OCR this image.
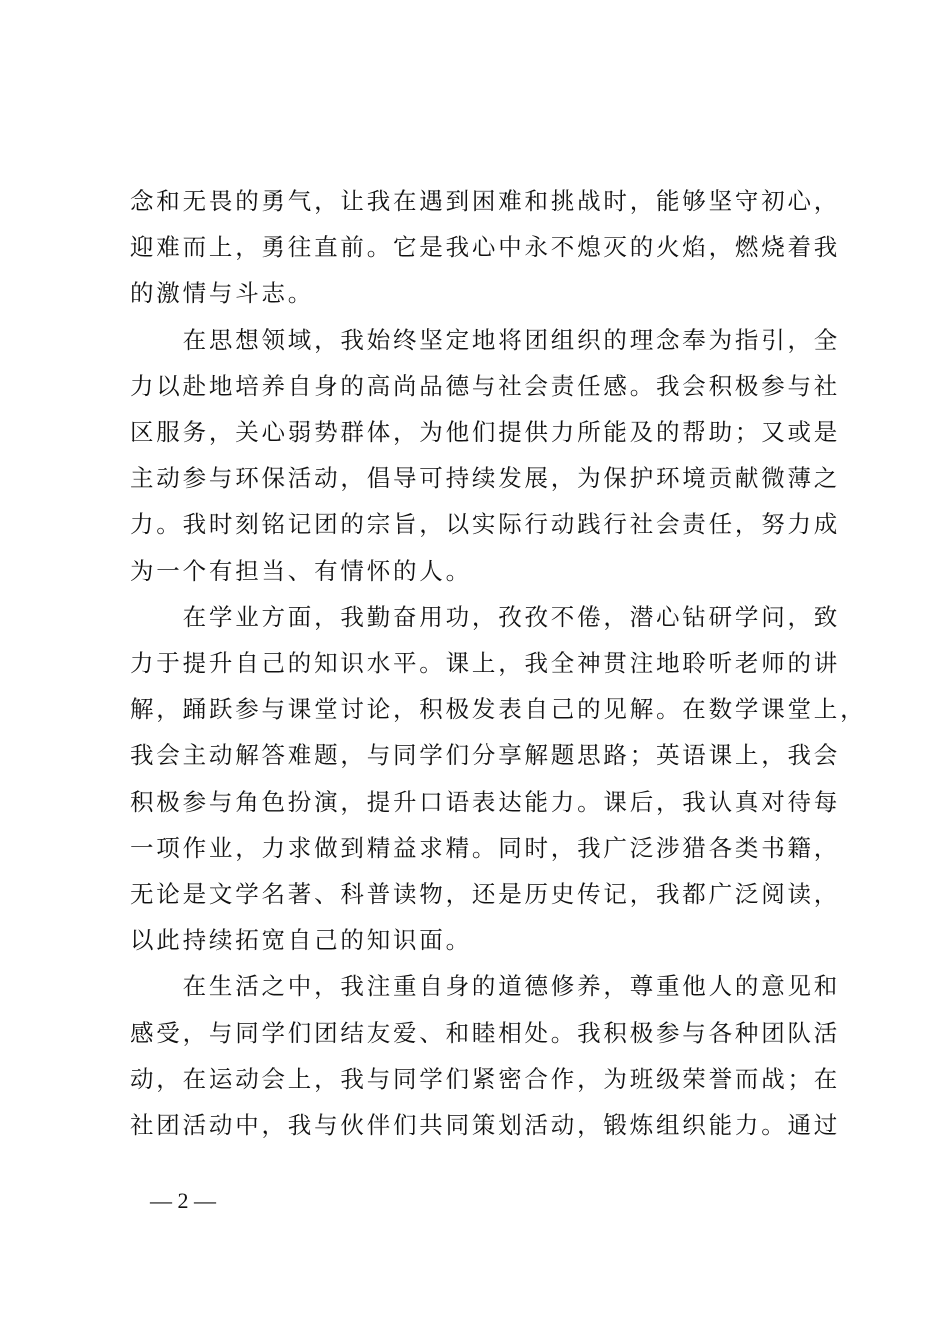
念和无畏的勇气，让我在遇到困难和挑战时，能够坚守初心，
迎难而上，勇往直前。它是我心中永不熄灭的火焰，燃烧着我
的激情与斗志。
　　在思想领域，我始终坚定地将团组织的理念奉为指引，全
力以赴地培养自身的高尚品德与社会责任感。我会积极参与社
区服务，关心弱势群体，为他们提供力所能及的帮助；又或是
主动参与环保活动，倡导可持续发展，为保护环境贡献微薄之
力。我时刻铭记团的宗旨，以实际行动践行社会责任，努力成
为一个有担当、有情怀的人。
　　在学业方面，我勤奋用功，孜孜不倦，潜心钻研学问，致
力于提升自己的知识水平。课上，我全神贯注地聆听老师的讲
解，踊跃参与课堂讨论，积极发表自己的见解。在数学课堂上，
我会主动解答难题，与同学们分享解题思路；英语课上，我会
积极参与角色扮演，提升口语表达能力。课后，我认真对待每
一项作业，力求做到精益求精。同时，我广泛涉猎各类书籍，
无论是文学名著、科普读物，还是历史传记，我都广泛阅读，
以此持续拓宽自己的知识面。
　　在生活之中，我注重自身的道德修养，尊重他人的意见和
感受，与同学们团结友爱、和睦相处。我积极参与各种团队活
动，在运动会上，我与同学们紧密合作，为班级荣誉而战；在
社团活动中，我与伙伴们共同策划活动，锻炼组织能力。通过
— 2 —
